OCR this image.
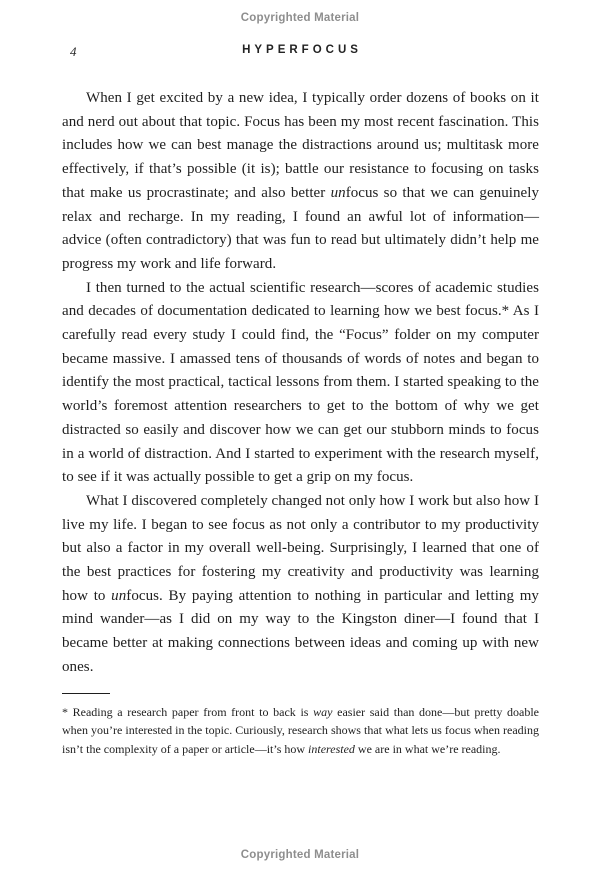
Copyrighted Material
4	HYPERFOCUS

When I get excited by a new idea, I typically order dozens of books on it and nerd out about that topic. Focus has been my most recent fascination. This includes how we can best manage the distractions around us; multitask more effectively, if that’s possible (it is); battle our resistance to focusing on tasks that make us procrastinate; and also better unfocus so that we can genuinely relax and recharge. In my reading, I found an awful lot of information—advice (often contradictory) that was fun to read but ultimately didn’t help me progress my work and life forward.

I then turned to the actual scientific research—scores of academic studies and decades of documentation dedicated to learning how we best focus.* As I carefully read every study I could find, the “Focus” folder on my computer became massive. I amassed tens of thousands of words of notes and began to identify the most practical, tactical lessons from them. I started speaking to the world’s foremost attention researchers to get to the bottom of why we get distracted so easily and discover how we can get our stubborn minds to focus in a world of distraction. And I started to experiment with the research myself, to see if it was actually possible to get a grip on my focus.

What I discovered completely changed not only how I work but also how I live my life. I began to see focus as not only a contributor to my productivity but also a factor in my overall well-being. Surprisingly, I learned that one of the best practices for fostering my creativity and productivity was learning how to unfocus. By paying attention to nothing in particular and letting my mind wander—as I did on my way to the Kingston diner—I found that I became better at making connections between ideas and coming up with new ones.

* Reading a research paper from front to back is way easier said than done—but pretty doable when you’re interested in the topic. Curiously, research shows that what lets us focus when reading isn’t the complexity of a paper or article—it’s how interested we are in what we’re reading.

Copyrighted Material
